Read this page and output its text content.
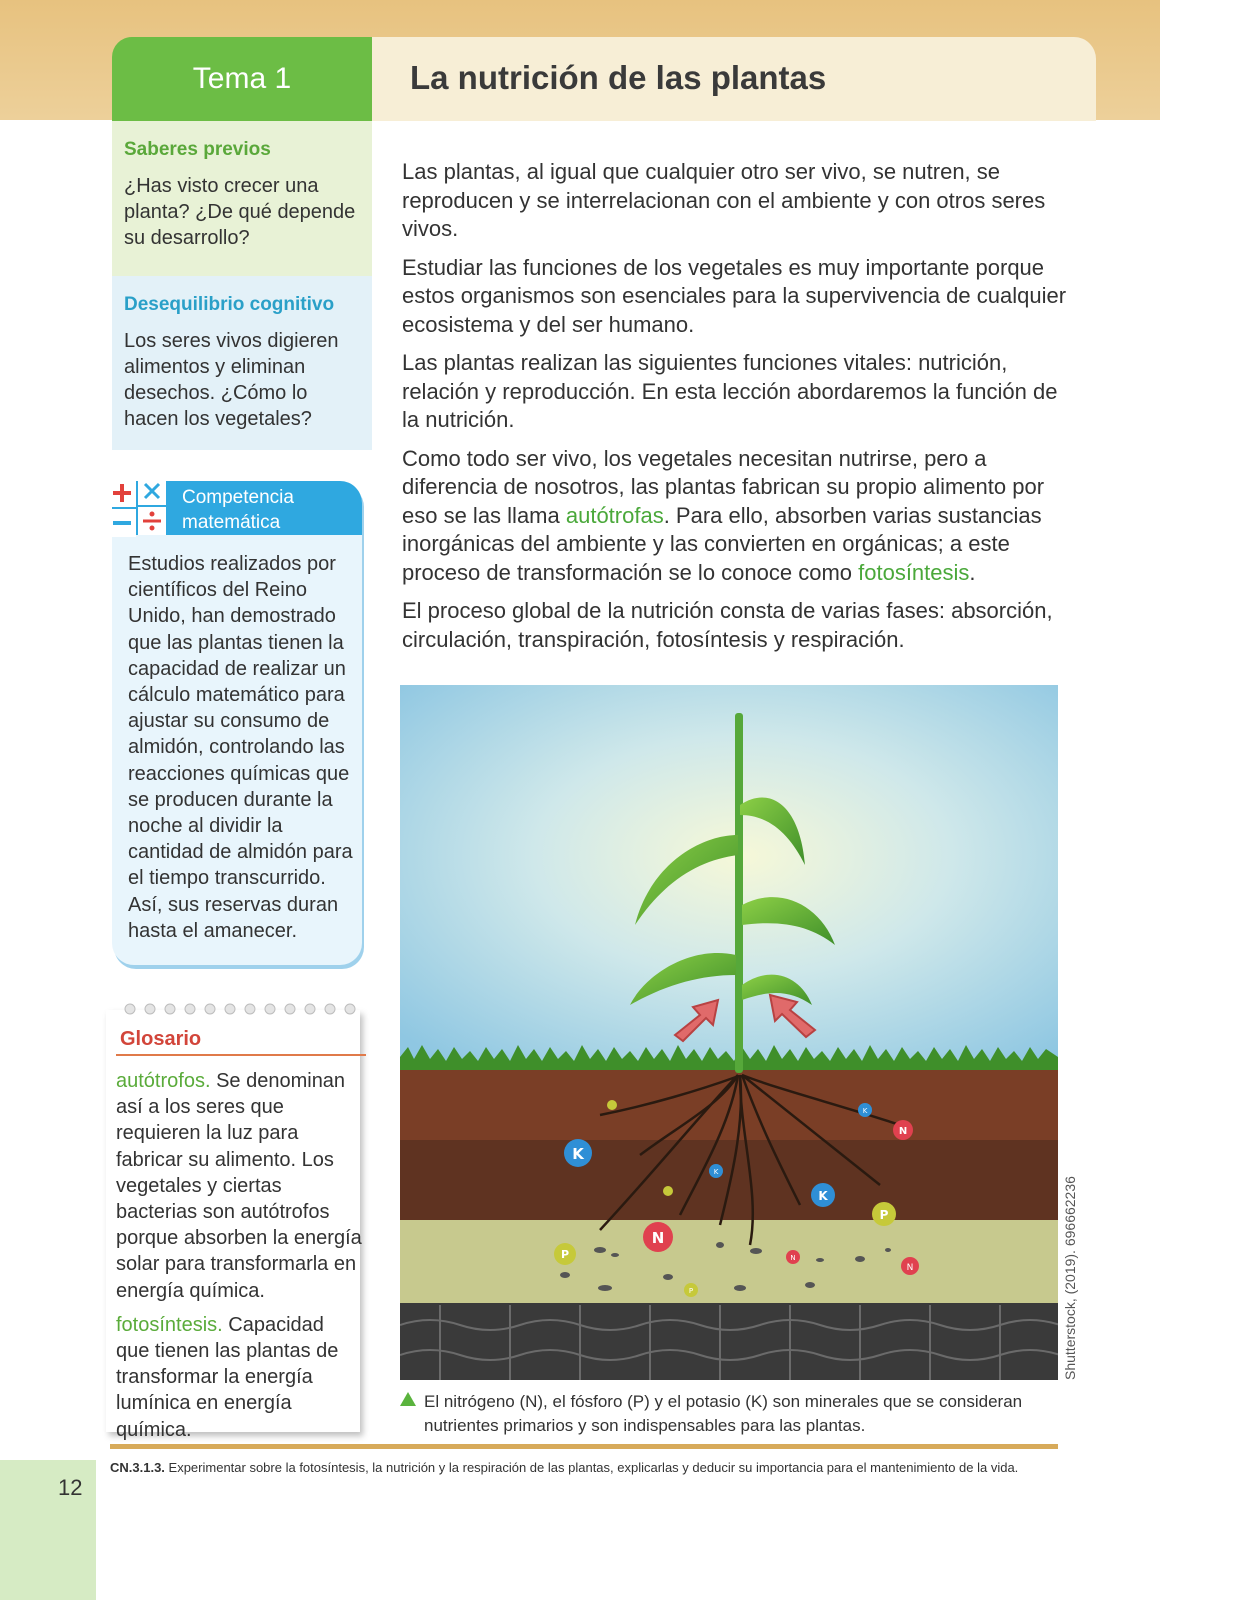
Tema 1	La nutrición de las plantas
Saberes previos
¿Has visto crecer una planta? ¿De qué depende su desarrollo?
Desequilibrio cognitivo
Los seres vivos digieren alimentos y eliminan desechos. ¿Cómo lo hacen los vegetales?
Competencia matemática
Estudios realizados por científicos del Reino Unido, han demostrado que las plantas tienen la capacidad de realizar un cálculo matemático para ajustar su consumo de almidón, controlando las reacciones químicas que se producen durante la noche al dividir la cantidad de almidón para el tiempo transcurrido. Así, sus reservas duran hasta el amanecer.
Glosario

autótrofos. Se denominan así a los seres que requieren la luz para fabricar su alimento. Los vegetales y ciertas bacterias son autótrofos porque absorben la energía solar para transformarla en energía química.

fotosíntesis. Capacidad que tienen las plantas de transformar la energía lumínica en energía química.

Las plantas, al igual que cualquier otro ser vivo, se nutren, se reproducen y se interrelacionan con el ambiente y con otros seres vivos.

Estudiar las funciones de los vegetales es muy importante porque estos organismos son esenciales para la supervivencia de cualquier ecosistema y del ser humano.

Las plantas realizan las siguientes funciones vitales: nutrición, relación y reproducción. En esta lección abordaremos la función de la nutrición.

Como todo ser vivo, los vegetales necesitan nutrirse, pero a diferencia de nosotros, las plantas fabrican su propio alimento por eso se las llama autótrofas. Para ello, absorben varias sustancias inorgánicas del ambiente y las convierten en orgánicas; a este proceso de transformación se lo conoce como fotosíntesis.

El proceso global de la nutrición consta de varias fases: absorción, circulación, transpiración, fotosíntesis y respiración.

K
K
K
K
N
N
N
N
P
P
P	Shutterstock, (2019). 696662236
El nitrógeno (N), el fósforo (P) y el potasio (K) son minerales que se consideran nutrientes primarios y son indispensables para las plantas.
12
CN.3.1.3. Experimentar sobre la fotosíntesis, la nutrición y la respiración de las plantas, explicarlas y deducir su importancia para el mantenimiento de la vida.
